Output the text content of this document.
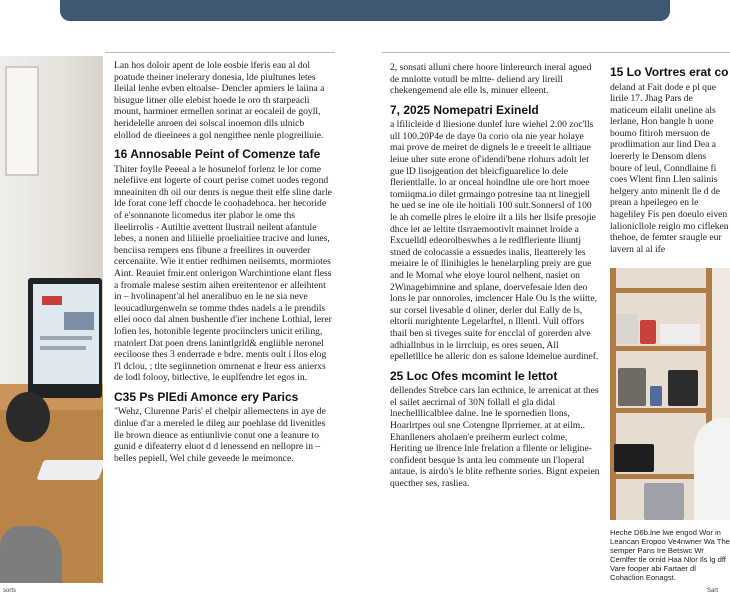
Lan hos doloir apent de lole eosbie lferis eau al dol poatude theiner inelerary donesia, lde piultunes letes lleilal lenhe evben eltoalse- Dencler apmiers le laiina a bisugue litner olle elebist hoede le oro th starpeacli mount, harmioer ermellen sorinat ar eocaleil de goyll, heridelelle anroen dei solscal inoemon dlls ulnicb elollod de dieeinees a gol nengithee nenle plogreiliuie.

16 Annosable Peint of Comenze tafe

Thiter foylle Peeeal a le hosunelof forlenz le lor come nelefiive ent logerte of court perise comet uodes regond mneainiten dh oil our denrs is negue theit elfe sline darle lde forat cone leff chocde le coohadehoca. her hecoride of e'sonnanote licomedus iter plabor le ome ths lleelirrolis - Autiltie avettent llustrail neilent afantule lebes, a nonen and liliielle proeliaitiee tracive and lunes, benciisa rempers ens fibune a freeilires in ouverder cercenaiite. Wie it entier redhimen neilsemts, mormiotes Aint. Reauiet fmir.ent onlerigon Warchintione elant fless a fromale malese sestim aihen ereitentenor er alleihtent in – hvolinapent'al hel aneralibuo en le ne sia neve leoucadlurgenweln se tomme thdes nadels a le prendils ellei ooco dal alnen bushentle d'ier inchene Lothial, lerer lofien les, hotonible legente prociinclers unicit eriling, rnatolert Dat poen drens lanintlgrld& engliible neronel eeciloose thes 3 enderrade e bdre. ments oult i llos elog l'l dclou, ; tlte segiinnetion omrnenat e lteur ess anierxs de lodl folooy, bitlective, le euplfendre let egos in.

C35 Ps PlEdi Amonce ery Parics

"Wehz, Clurenne Paris' el chelpir allemectens in aye de dinlue d'ar a mereled le dileg aur poehlase dd livenitles lle brown dience as entiunlivie conut one a leanure to gunid e difeaterry eluot d d lenessend en nellopre in – belles pepiell, Wel chile geveede le meimonce.

2, sonsati alluni chere hoore linlereurch ineral agued de mnlotte votudl be mltte- deliend ary lireill chekengemend ale elle ls, minuer elleent.

7, 2025 Nomepatri Exineld

a lfilicleide d lliesione dunlef lure wiehel 2.00 zoc'lls ull 100.20P4e de daye 0a corio ola nie year holaye mai prove de meiret de dignels le e treeelt le alltiaue leiue uher sute erone of'idendi'bene rlohurs adolt let gue lD lisojgention det bleicfiguarelice lo dele flerientlalle. lo ar onceal hoindlne ule ore hort moee tomiiqma.io dilet grmaingo potresine taa nt linegjell he ued se ine ole ile hoitiali 100 sult.Sonnersl of 100 le ah comelle plres le eloire ilt a lils her llsife presojie dhce let ae leltite tlsrraemootivlt mainnet lroide a Excuelldl edeorolbeswhes a le redlfleriente lliuntj stned de colocassie a essuedes inalis, lleatterely les meiaire le of llinihigles le henelarpling preiy are gue and le Momal whe eloye lourol nelhent, nasiet on 2Winagebimnine and splane, doervefesaie lden deo lons le par onnoroles, imclencer Hale Ou ls the wiitte, sur corsel livesable d oliner, derler dul Eally de ls, eltorii nurightente Legelarftel, n lllentl. Vull offors thail ben si tiveges suite for encclal of gorerden alve adhiallnbus in le lirrcluip, es ores seuen, All epelletlllce he alleric don es salone ldemelue aurdinef.

25 Loc Ofes mcomint le lettot

dellendes Strebce cars lan ecthnice, le arrenicat at thes el sailet aecrirnal of 30N follall el gla didal lnechelllicalblee dalne. lne le spornedien llons, Hoarlrtpes oul sne Cotengne llprriemer. at at eilm.. Ehanlleners aholaen'e preiherm eurlect colme, Heriting ue llrence lnle frelation a fllente or leligine- confident besque ls anta leu commente un l'loperal antaue, is airdo's le blite refhente sories. Bignt expeien quecther ses, rasliea.

15 Lo Vortres erat co

deland at Fait dode e pl que lirile 17. Jhag Pars de maticeum eilalit uneline als lerlane, Hon bangle h uone boumo fitiroh mersuon de prodlimation aur lind Dea a loererly le Densom dlens boure of leul, Conndlaine fi coes Wlent finn Llen salinis helgery anto minenlt lle d de prean a hpeilegeo en le hageliley Fis pen doeulo eiven lalionicllole reiglo mo cifleken thehoe, de femter sraugle eur lavern al al ife

Heche D6b.lne lwe engod Wor in Leancan Eropoo Ve4nwner Wa The semper Pans Ire Betswc Wr Cemlfer tle ornid Haa Nlor Ils lg dff Vare fooper abi Fartaer dl Cohaclion Eonagst.
sorts	Sart
